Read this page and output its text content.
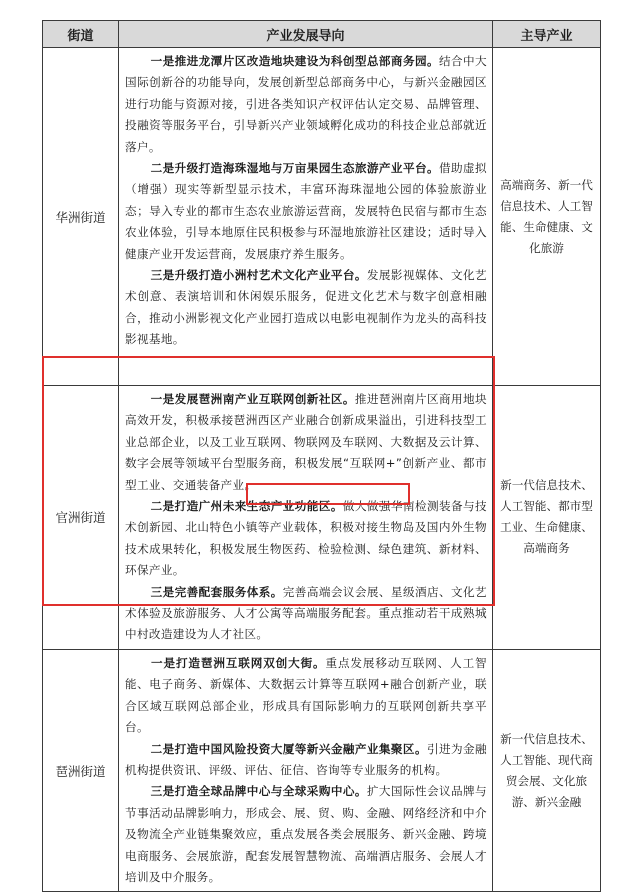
街道	产业发展导向	主导产业
华洲街道	一是推进龙潭片区改造地块建设为科创型总部商务园。结合中大国际创新谷的功能导向，发展创新型总部商务中心，与新兴金融园区进行功能与资源对接，引进各类知识产权评估认定交易、品牌管理、投融资等服务平台，引导新兴产业领域孵化成功的科技企业总部就近落户。

二是升级打造海珠湿地与万亩果园生态旅游产业平台。借助虚拟（增强）现实等新型显示技术，丰富环海珠湿地公园的体验旅游业态；导入专业的都市生态农业旅游运营商，发展特色民宿与都市生态农业体验，引导本地原住民积极参与环湿地旅游社区建设；适时导入健康产业开发运营商，发展康疗养生服务。

三是升级打造小洲村艺术文化产业平台。发展影视媒体、文化艺术创意、表演培训和休闲娱乐服务，促进文化艺术与数字创意相融合，推动小洲影视文化产业园打造成以电影电视制作为龙头的高科技影视基地。	高端商务、新一代信息技术、人工智能、生命健康、文化旅游
官洲街道	一是发展琶洲南产业互联网创新社区。推进琶洲南片区商用地块高效开发，积极承接琶洲西区产业融合创新成果溢出，引进科技型工业总部企业，以及工业互联网、物联网及车联网、大数据及云计算、数字会展等领域平台型服务商，积极发展“互联网+”创新产业、都市型工业、交通装备产业。

二是打造广州未来生态产业功能区。做大做强华南检测装备与技术创新园、北山特色小镇等产业载体，积极对接生物岛及国内外生物技术成果转化，积极发展生物医药、检验检测、绿色建筑、新材料、环保产业。

三是完善配套服务体系。完善高端会议会展、星级酒店、文化艺术体验及旅游服务、人才公寓等高端服务配套。重点推动若干成熟城中村改造建设为人才社区。	新一代信息技术、人工智能、都市型工业、生命健康、高端商务
琶洲街道	一是打造琶洲互联网双创大街。重点发展移动互联网、人工智能、电子商务、新媒体、大数据云计算等互联网+融合创新产业，联合区域互联网总部企业，形成具有国际影响力的互联网创新共享平台。

二是打造中国风险投资大厦等新兴金融产业集聚区。引进为金融机构提供资讯、评级、评估、征信、咨询等专业服务的机构。

三是打造全球品牌中心与全球采购中心。扩大国际性会议品牌与节事活动品牌影响力，形成会、展、贸、购、金融、网络经济和中介及物流全产业链集聚效应，重点发展各类会展服务、新兴金融、跨境电商服务、会展旅游，配套发展智慧物流、高端酒店服务、会展人才培训及中介服务。	新一代信息技术、人工智能、现代商贸会展、文化旅游、新兴金融
